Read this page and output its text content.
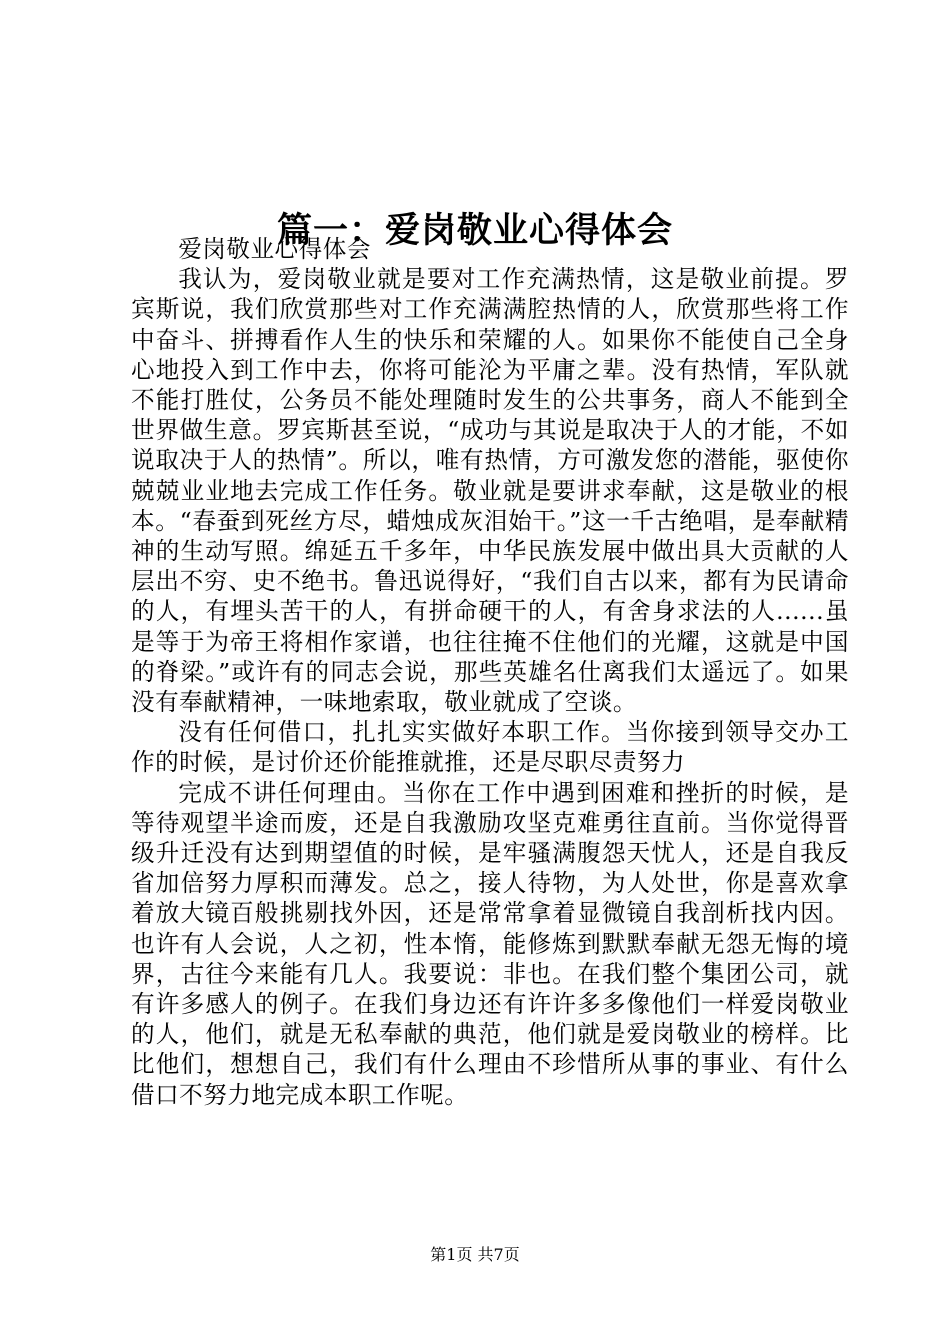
篇一：爱岗敬业心得体会

爱岗敬业心得体会

我认为，爱岗敬业就是要对工作充满热情，这是敬业前提。罗宾斯说，我们欣赏那些对工作充满满腔热情的人，欣赏那些将工作中奋斗、拼搏看作人生的快乐和荣耀的人。如果你不能使自己全身心地投入到工作中去，你将可能沦为平庸之辈。没有热情，军队就不能打胜仗，公务员不能处理随时发生的公共事务，商人不能到全世界做生意。罗宾斯甚至说，“成功与其说是取决于人的才能，不如说取决于人的热情”。所以，唯有热情，方可激发您的潜能，驱使你兢兢业业地去完成工作任务。敬业就是要讲求奉献，这是敬业的根本。“春蚕到死丝方尽，蜡烛成灰泪始干。”这一千古绝唱，是奉献精神的生动写照。绵延五千多年，中华民族发展中做出具大贡献的人层出不穷、史不绝书。鲁迅说得好，“我们自古以来，都有为民请命的人，有埋头苦干的人，有拼命硬干的人，有舍身求法的人......虽是等于为帝王将相作家谱，也往往掩不住他们的光耀，这就是中国的脊梁。”或许有的同志会说，那些英雄名仕离我们太遥远了。如果没有奉献精神，一味地索取，敬业就成了空谈。

没有任何借口，扎扎实实做好本职工作。当你接到领导交办工作的时候，是讨价还价能推就推，还是尽职尽责努力

完成不讲任何理由。当你在工作中遇到困难和挫折的时候，是等待观望半途而废，还是自我激励攻坚克难勇往直前。当你觉得晋级升迁没有达到期望值的时候，是牢骚满腹怨天忧人，还是自我反省加倍努力厚积而薄发。总之，接人待物，为人处世，你是喜欢拿着放大镜百般挑剔找外因，还是常常拿着显微镜自我剖析找内因。也许有人会说，人之初，性本惰，能修炼到默默奉献无怨无悔的境界，古往今来能有几人。我要说：非也。在我们整个集团公司，就有许多感人的例子。在我们身边还有许许多多像他们一样爱岗敬业的人，他们，就是无私奉献的典范，他们就是爱岗敬业的榜样。比比他们，想想自己，我们有什么理由不珍惜所从事的事业、有什么借口不努力地完成本职工作呢。

第1页 共7页
